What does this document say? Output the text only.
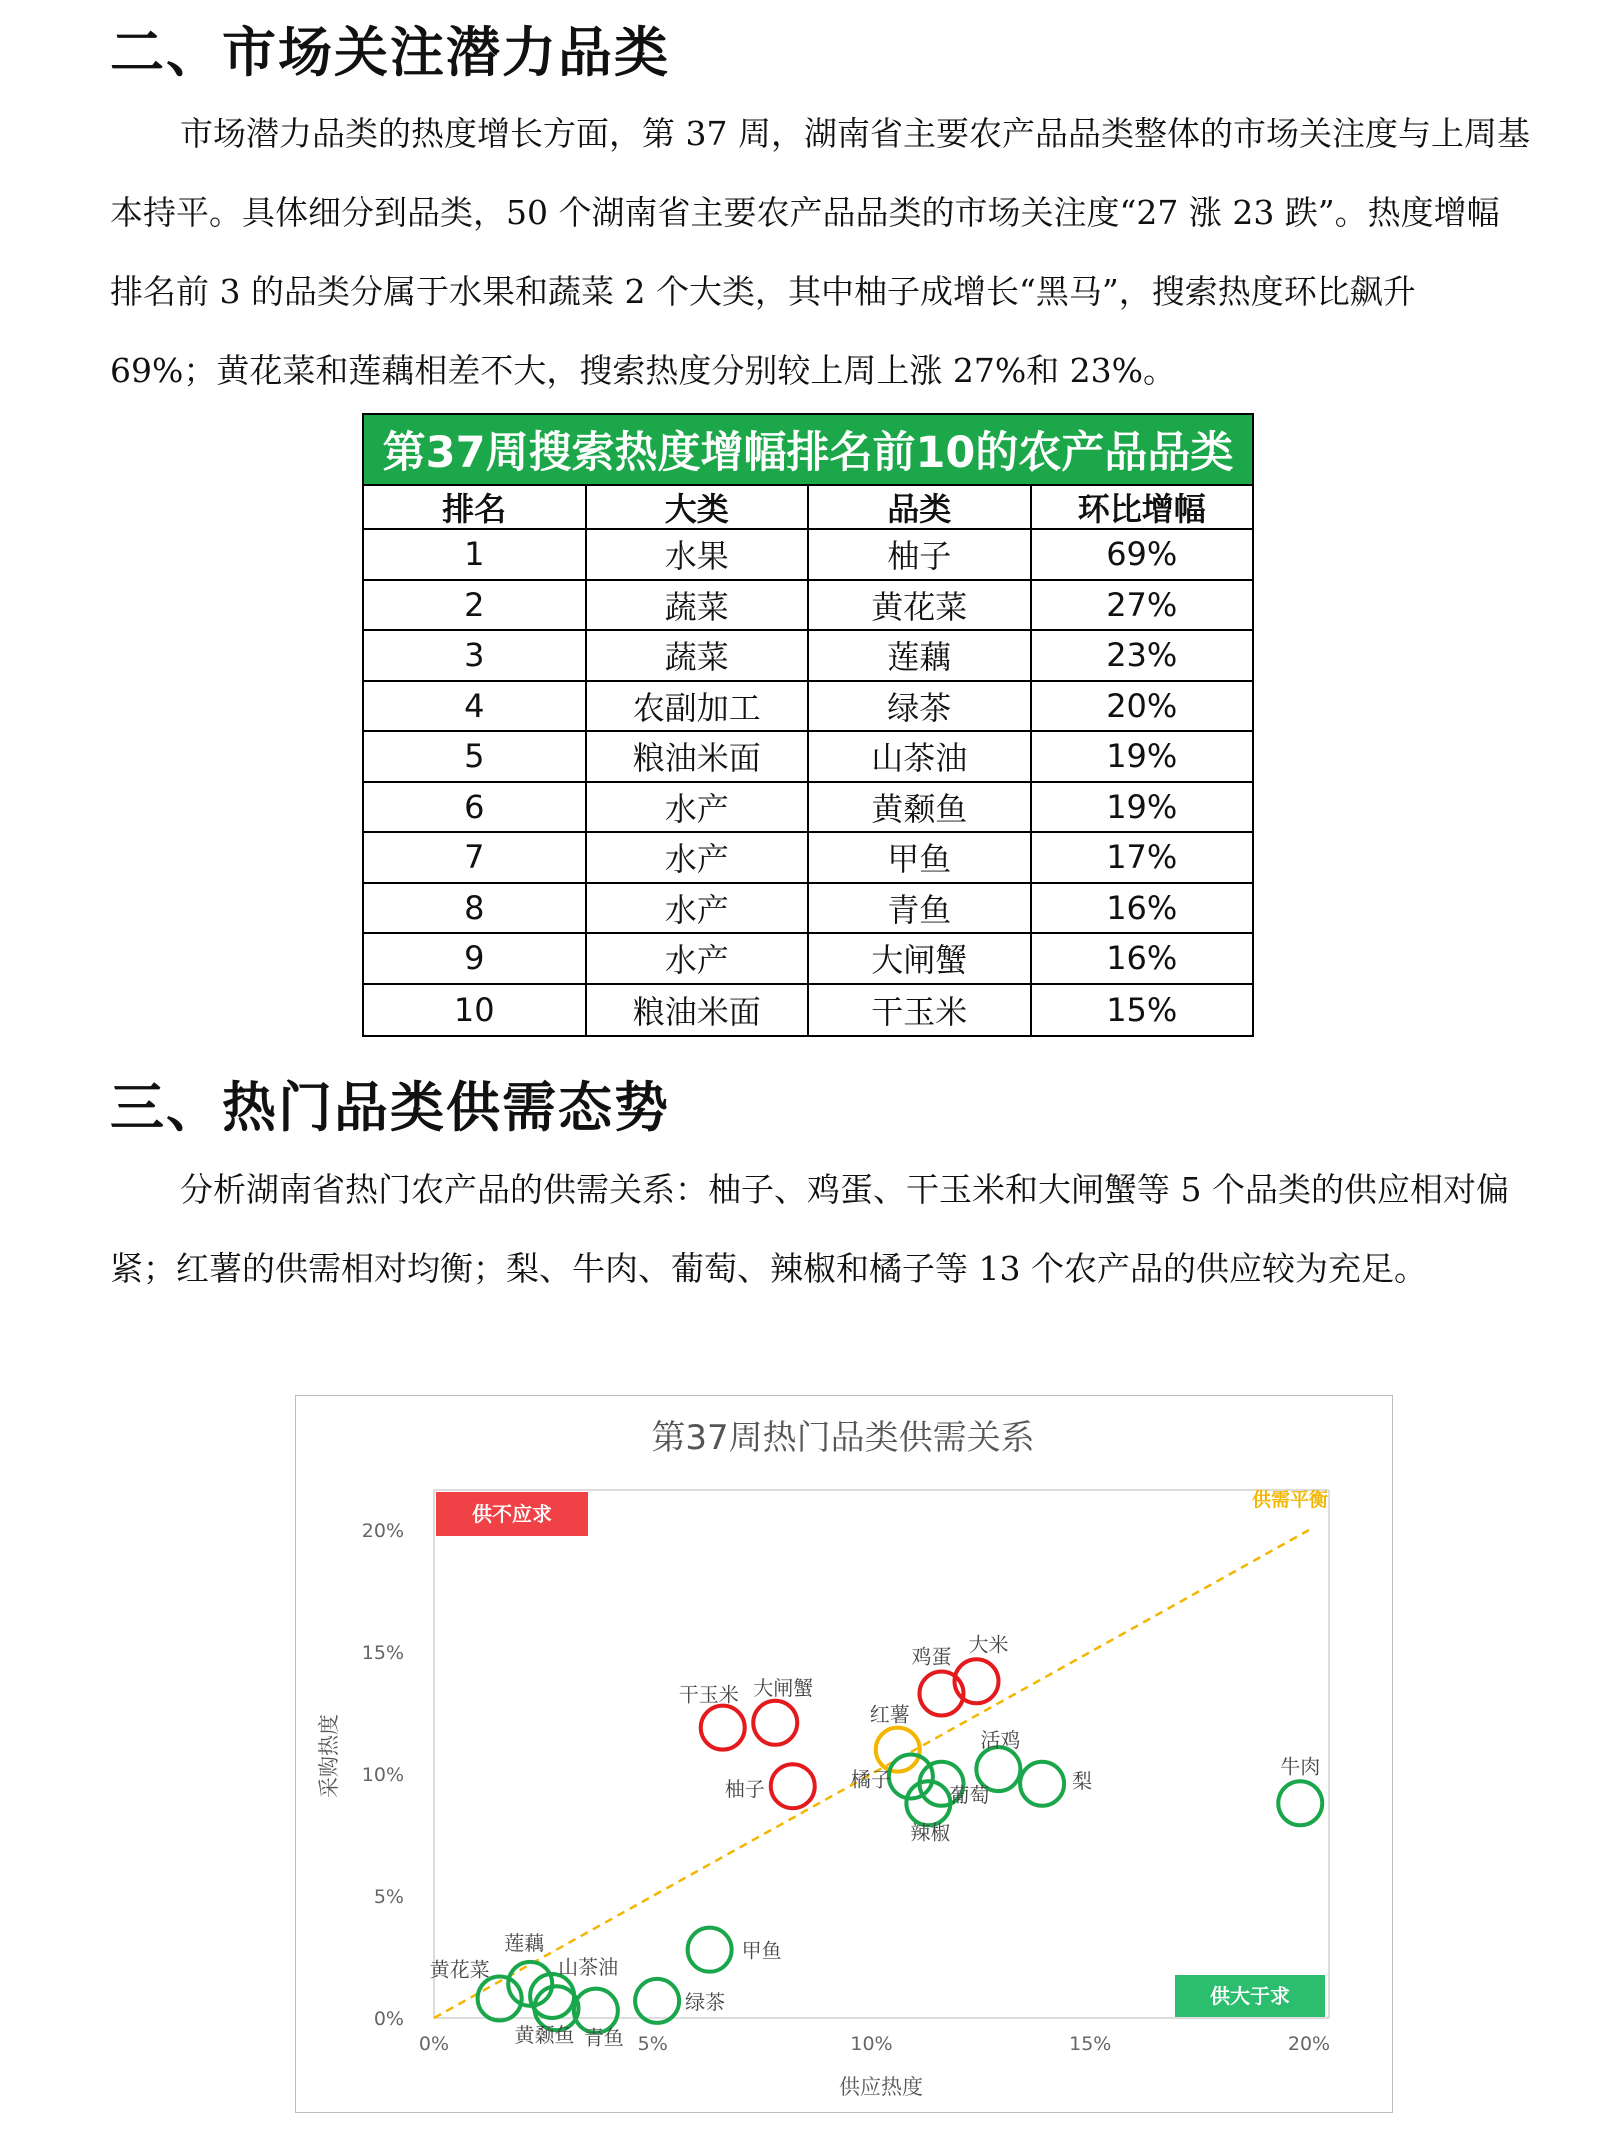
二、市场关注潜力品类

市场潜力品类的热度增长方面，第 37 周，湖南省主要农产品品类整体的市场关注度与上周基本持平。具体细分到品类，50 个湖南省主要农产品品类的市场关注度“27 涨 23 跌”。热度增幅排名前 3 的品类分属于水果和蔬菜 2 个大类，其中柚子成增长“黑马”，搜索热度环比飙升 69%；黄花菜和莲藕相差不大，搜索热度分别较上周上涨 27%和 23%。

第37周搜索热度增幅排名前10的农产品品类
排名	大类	品类	环比增幅
1	水果	柚子	69%
2	蔬菜	黄花菜	27%
3	蔬菜	莲藕	23%
4	农副加工	绿茶	20%
5	粮油米面	山茶油	19%
6	水产	黄颡鱼	19%
7	水产	甲鱼	17%
8	水产	青鱼	16%
9	水产	大闸蟹	16%
10	粮油米面	干玉米	15%
三、热门品类供需态势

分析湖南省热门农产品的供需关系：柚子、鸡蛋、干玉米和大闸蟹等 5 个品类的供应相对偏紧；红薯的供需相对均衡；梨、牛肉、葡萄、辣椒和橘子等 13 个农产品的供应较为充足。

第37周热门品类供需关系
0%
5%
10%
15%
20%
0%	5%	10%	15%	20%
供需平衡
供不应求
供大于求
干玉米 大闸蟹
柚子
鸡蛋
大米
红薯
活鸡
梨
橘子
葡萄
辣椒
牛肉
甲鱼
绿茶
黄花菜
莲藕
山茶油
黄颡鱼 青鱼
供应热度
采购热度
